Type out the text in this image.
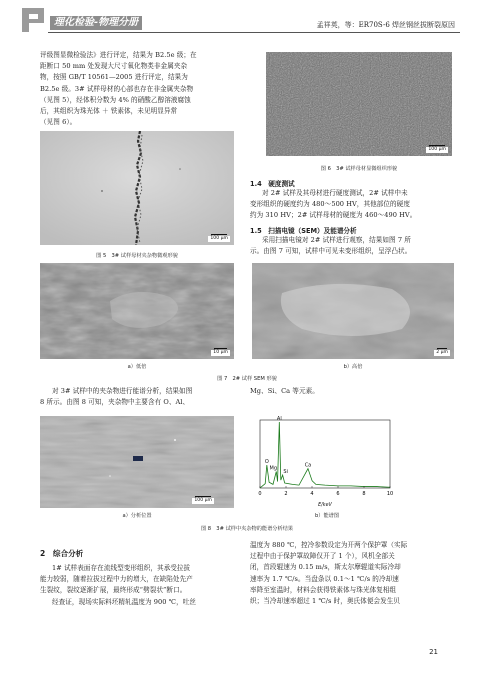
理化检验-物理分册	孟祥英，等：ER70S-6 焊丝钢丝拔断裂原因
评级图显微检验法》进行评定，结果为 B2.5e 级；在
距断口 50 mm 处发现大尺寸氧化物类非金属夹杂
物，按照 GB/T 10561—2005 进行评定，结果为
B2.5e 级。3# 试样母材的心部也存在非金属夹杂物
（见图 5），经体积分数为 4% 的硝酸乙醇溶液腐蚀
后，其组织为珠光体 ＋ 铁素体，未见明显异常
（见图 6）。
100 μm
图 5　3# 试样母材夹杂物微观形貌
100 μm
图 6　3# 试样母材显微组织形貌
1.4　硬度测试
对 2# 试样及其母材进行硬度测试，2# 试样中未
变形组织的硬度约为 480～500 HV，其他部位的硬度
约为 310 HV；2# 试样母材的硬度为 460～490 HV。
1.5　扫描电镜（SEM）及能谱分析
采用扫描电镜对 2# 试样进行观察，结果如图 7 所
示。由图 7 可知，试样中可见未变形组织，呈浮凸状。
10 μm	2 μm
a）低倍	b）高倍
图 7　2# 试样 SEM 形貌
对 3# 试样中的夹杂物进行能谱分析，结果如图
8 所示。由图 8 可知，夹杂物中主要含有 O、Al、
Mg、Si、Ca 等元素。
100 μm
0	2	4	6	8	10
E/keV
O
Mg
Al
Si
Ca
a）分析位置	b）能谱图
图 8　3# 试样中夹杂物的能谱分析结果
2　综合分析
1# 试样表面存在流线型变形组织，其承受拉拔
能力较弱，随着拉拔过程中力的增大，在缺陷处先产
生裂纹，裂纹逐渐扩展，最终形成“劈裂状”断口。
经查证，现场实际料坯精轧温度为 900 ℃，吐丝
温度为 880 ℃，控冷参数设定为开两个保护罩（实际
过程中由于保护罩故障仅开了 1 个），风机全部关
闭，首段辊速为 0.15 m/s，斯太尔摩辊道实际冷却
速率为 1.7 ℃/s。当盘条以 0.1～1 ℃/s 的冷却速
率降至室温时，材料会获得铁素体与珠光体复相组
织；当冷却速率超过 1 ℃/s 时，奥氏体便会发生贝
21
